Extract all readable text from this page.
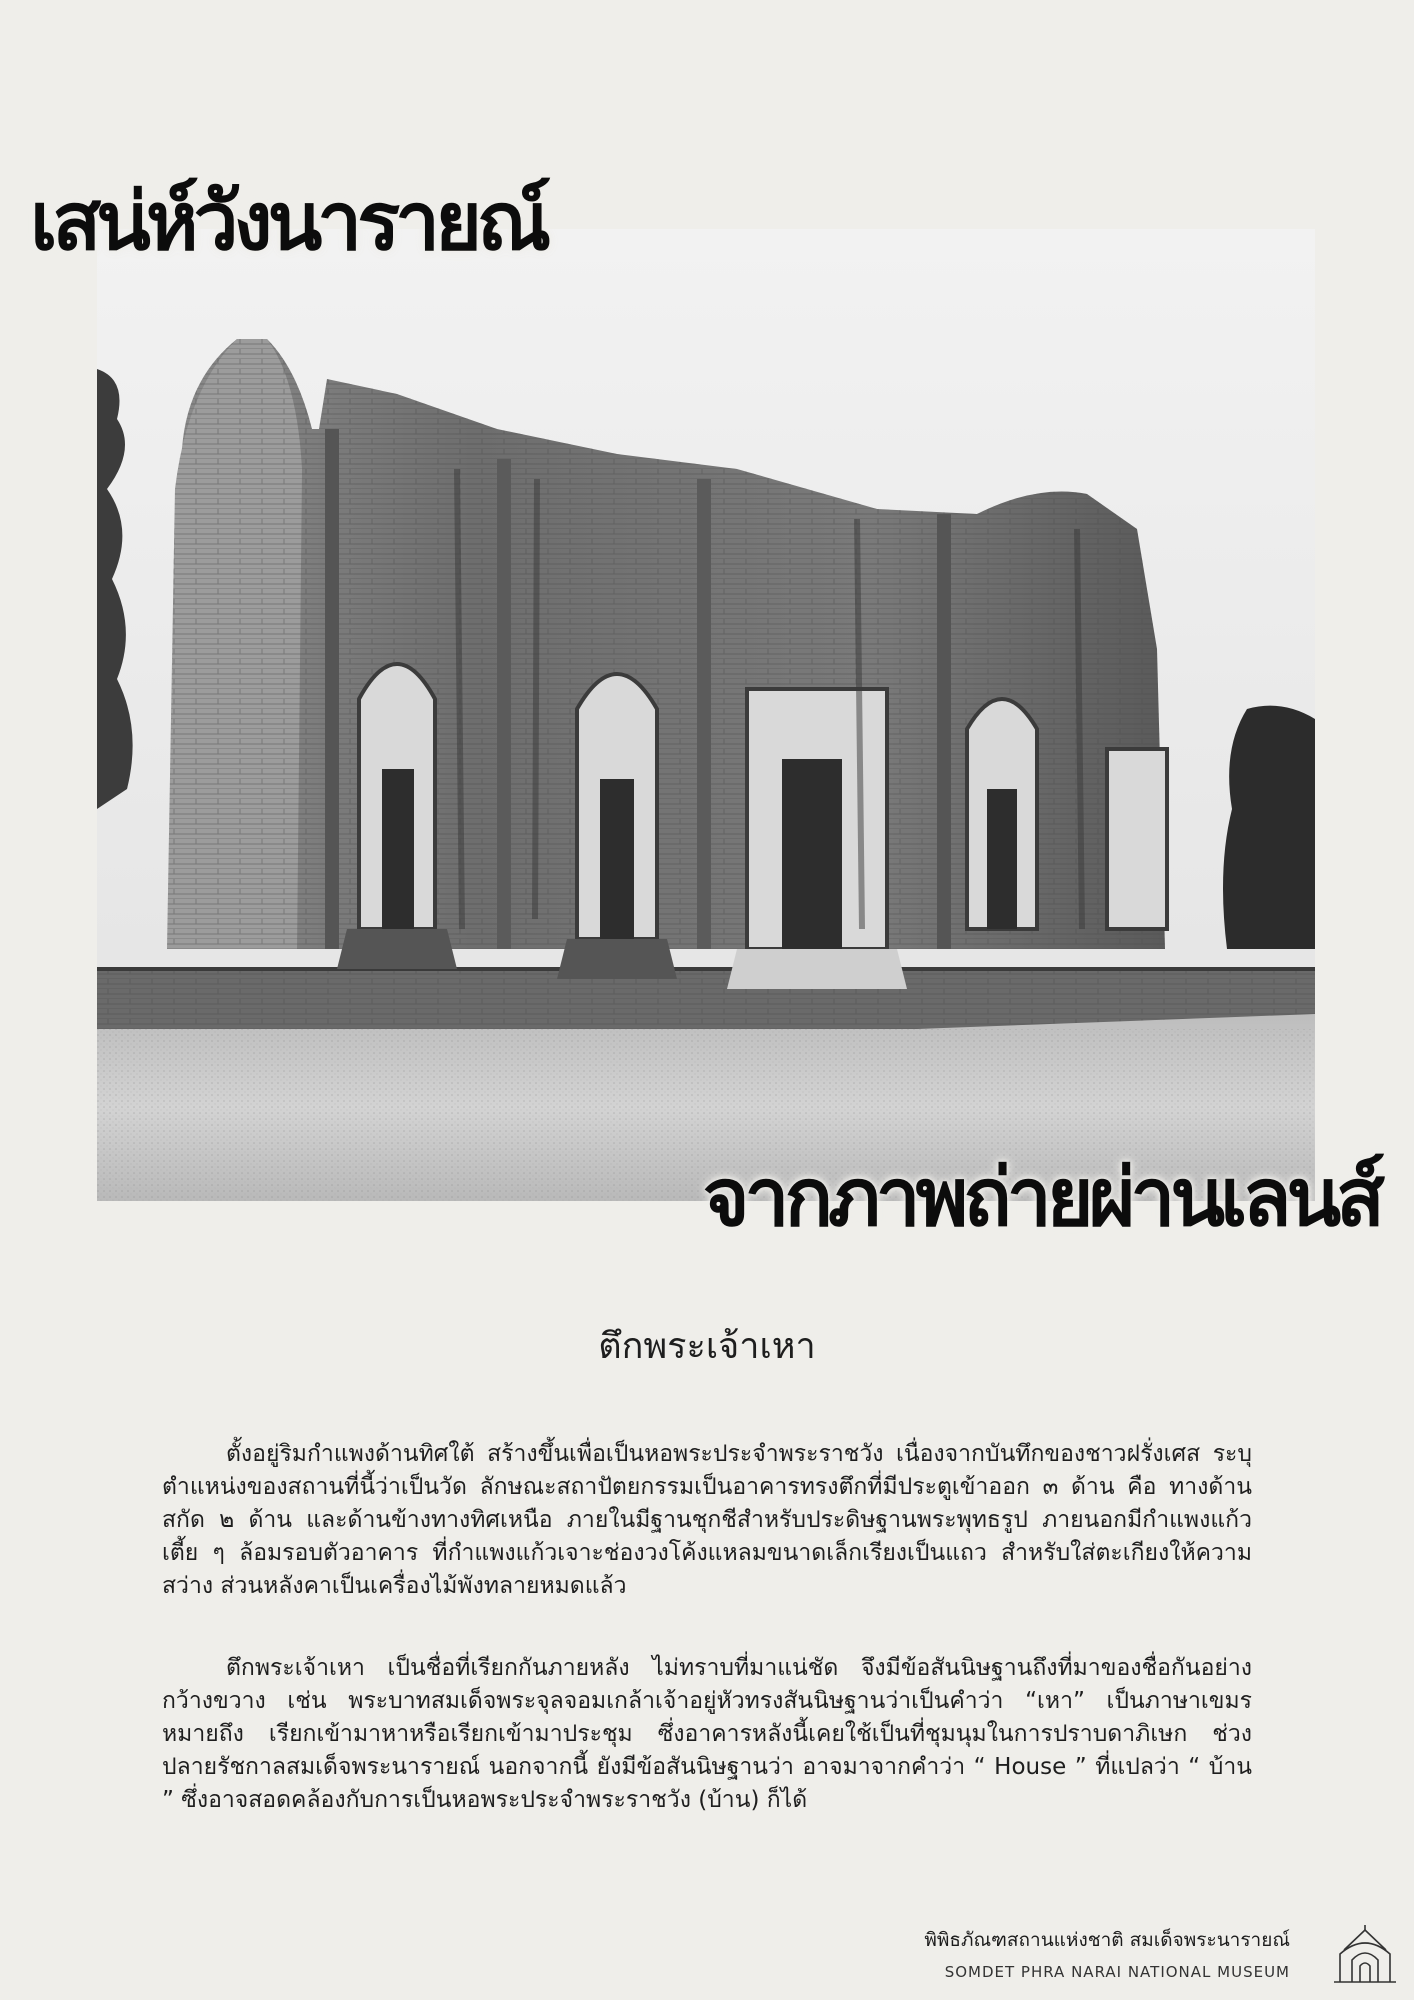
เสน่ห์วังนารายณ์
จากภาพถ่ายผ่านเลนส์
ตึกพระเจ้าเหา

ตั้งอยู่ริมกำแพงด้านทิศใต้ สร้างขึ้นเพื่อเป็นหอพระประจำพระราชวัง เนื่องจากบันทึกของชาวฝรั่งเศส ระบุตำแหน่งของสถานที่นี้ว่าเป็นวัด ลักษณะสถาปัตยกรรมเป็นอาคารทรงตึกที่มีประตูเข้าออก ๓ ด้าน คือ ทางด้านสกัด ๒ ด้าน และด้านข้างทางทิศเหนือ ภายในมีฐานชุกชีสำหรับประดิษฐานพระพุทธรูป ภายนอกมีกำแพงแก้วเตี้ย ๆ ล้อมรอบตัวอาคาร ที่กำแพงแก้วเจาะช่องวงโค้งแหลมขนาดเล็กเรียงเป็นแถว สำหรับใส่ตะเกียงให้ความสว่าง ส่วนหลังคาเป็นเครื่องไม้พังทลายหมดแล้ว

ตึกพระเจ้าเหา เป็นชื่อที่เรียกกันภายหลัง ไม่ทราบที่มาแน่ชัด จึงมีข้อสันนิษฐานถึงที่มาของชื่อกันอย่างกว้างขวาง เช่น พระบาทสมเด็จพระจุลจอมเกล้าเจ้าอยู่หัวทรงสันนิษฐานว่าเป็นคำว่า “เหา” เป็นภาษาเขมร หมายถึง เรียกเข้ามาหาหรือเรียกเข้ามาประชุม ซึ่งอาคารหลังนี้เคยใช้เป็นที่ชุมนุมในการปราบดาภิเษก ช่วงปลายรัชกาลสมเด็จพระนารายณ์ นอกจากนี้ ยังมีข้อสันนิษฐานว่า อาจมาจากคำว่า “ House ” ที่แปลว่า “ บ้าน ” ซึ่งอาจสอดคล้องกับการเป็นหอพระประจำพระราชวัง (บ้าน) ก็ได้

พิพิธภัณฑสถานแห่งชาติ สมเด็จพระนารายณ์
SOMDET PHRA NARAI NATIONAL MUSEUM
